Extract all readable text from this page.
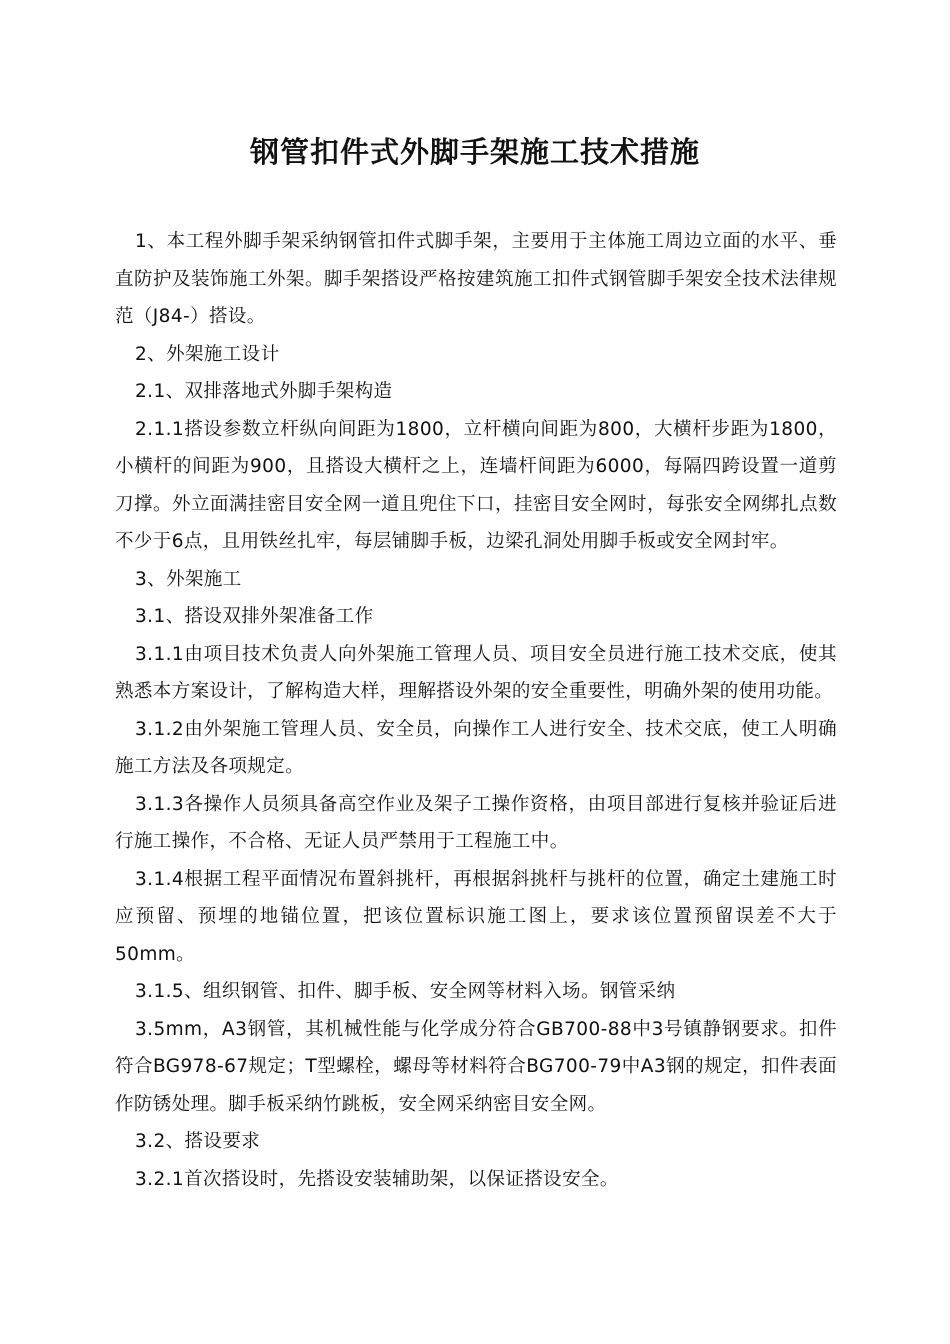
钢管扣件式外脚手架施工技术措施

1、本工程外脚手架采纳钢管扣件式脚手架，主要用于主体施工周边立面的水平、垂直防护及装饰施工外架。脚手架搭设严格按建筑施工扣件式钢管脚手架安全技术法律规范（J84-）搭设。

2、外架施工设计

2.1、双排落地式外脚手架构造

2.1.1搭设参数立杆纵向间距为1800，立杆横向间距为800，大横杆步距为1800，小横杆的间距为900，且搭设大横杆之上，连墙杆间距为6000，每隔四跨设置一道剪刀撑。外立面满挂密目安全网一道且兜住下口，挂密目安全网时，每张安全网绑扎点数不少于6点，且用铁丝扎牢，每层铺脚手板，边梁孔洞处用脚手板或安全网封牢。

3、外架施工

3.1、搭设双排外架准备工作

3.1.1由项目技术负责人向外架施工管理人员、项目安全员进行施工技术交底，使其熟悉本方案设计，了解构造大样，理解搭设外架的安全重要性，明确外架的使用功能。

3.1.2由外架施工管理人员、安全员，向操作工人进行安全、技术交底，使工人明确施工方法及各项规定。

3.1.3各操作人员须具备高空作业及架子工操作资格，由项目部进行复核并验证后进行施工操作，不合格、无证人员严禁用于工程施工中。

3.1.4根据工程平面情况布置斜挑杆，再根据斜挑杆与挑杆的位置，确定土建施工时应预留、预埋的地锚位置，把该位置标识施工图上，要求该位置预留误差不大于50mm。

3.1.5、组织钢管、扣件、脚手板、安全网等材料入场。钢管采纳

3.5mm，A3钢管，其机械性能与化学成分符合GB700-88中3号镇静钢要求。扣件符合BG978-67规定；T型螺栓，螺母等材料符合BG700-79中A3钢的规定，扣件表面作防锈处理。脚手板采纳竹跳板，安全网采纳密目安全网。

3.2、搭设要求

3.2.1首次搭设时，先搭设安装辅助架，以保证搭设安全。
